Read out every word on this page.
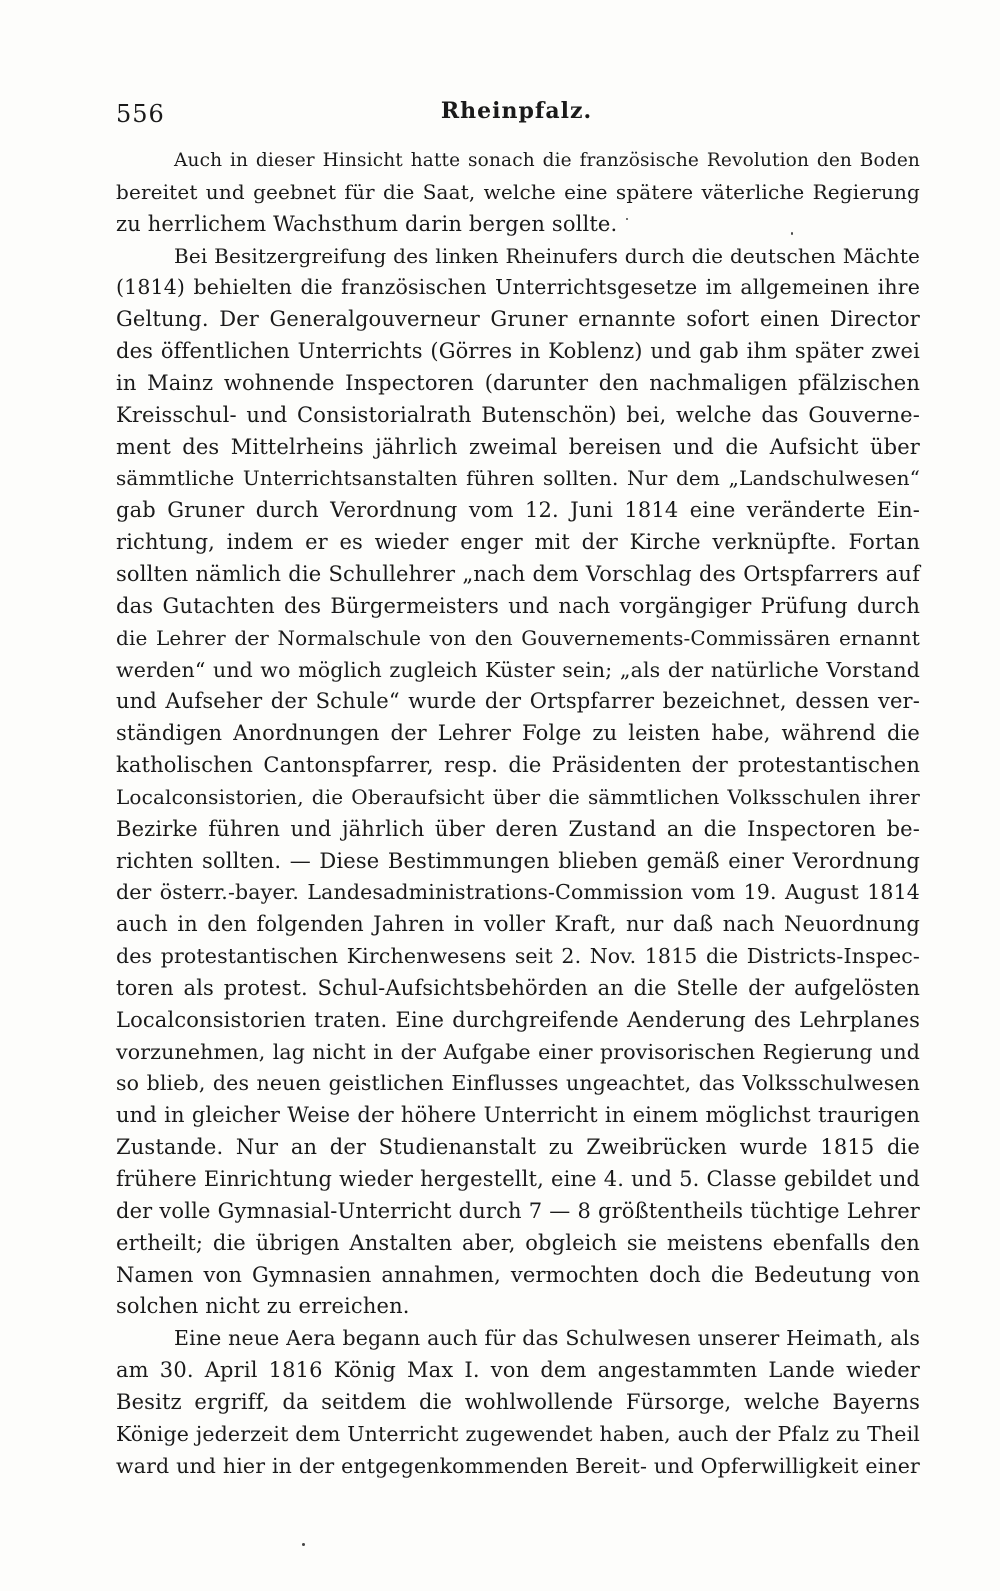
556	Rheinpfalz.
Auch in dieser Hinsicht hatte sonach die französische Revolution den Boden
bereitet und geebnet für die Saat, welche eine spätere väterliche Regierung
zu herrlichem Wachsthum darin bergen sollte.
Bei Besitzergreifung des linken Rheinufers durch die deutschen Mächte
(1814) behielten die französischen Unterrichtsgesetze im allgemeinen ihre
Geltung. Der Generalgouverneur Gruner ernannte sofort einen Director
des öffentlichen Unterrichts (Görres in Koblenz) und gab ihm später zwei
in Mainz wohnende Inspectoren (darunter den nachmaligen pfälzischen
Kreisschul- und Consistorialrath Butenschön) bei, welche das Gouverne-
ment des Mittelrheins jährlich zweimal bereisen und die Aufsicht über
sämmtliche Unterrichtsanstalten führen sollten. Nur dem „Landschulwesen“
gab Gruner durch Verordnung vom 12. Juni 1814 eine veränderte Ein-
richtung, indem er es wieder enger mit der Kirche verknüpfte. Fortan
sollten nämlich die Schullehrer „nach dem Vorschlag des Ortspfarrers auf
das Gutachten des Bürgermeisters und nach vorgängiger Prüfung durch
die Lehrer der Normalschule von den Gouvernements-Commissären ernannt
werden“ und wo möglich zugleich Küster sein; „als der natürliche Vorstand
und Aufseher der Schule“ wurde der Ortspfarrer bezeichnet, dessen ver-
ständigen Anordnungen der Lehrer Folge zu leisten habe, während die
katholischen Cantonspfarrer, resp. die Präsidenten der protestantischen
Localconsistorien, die Oberaufsicht über die sämmtlichen Volksschulen ihrer
Bezirke führen und jährlich über deren Zustand an die Inspectoren be-
richten sollten. — Diese Bestimmungen blieben gemäß einer Verordnung
der österr.-bayer. Landesadministrations-Commission vom 19. August 1814
auch in den folgenden Jahren in voller Kraft, nur daß nach Neuordnung
des protestantischen Kirchenwesens seit 2. Nov. 1815 die Districts-Inspec-
toren als protest. Schul-Aufsichtsbehörden an die Stelle der aufgelösten
Localconsistorien traten. Eine durchgreifende Aenderung des Lehrplanes
vorzunehmen, lag nicht in der Aufgabe einer provisorischen Regierung und
so blieb, des neuen geistlichen Einflusses ungeachtet, das Volksschulwesen
und in gleicher Weise der höhere Unterricht in einem möglichst traurigen
Zustande. Nur an der Studienanstalt zu Zweibrücken wurde 1815 die
frühere Einrichtung wieder hergestellt, eine 4. und 5. Classe gebildet und
der volle Gymnasial-Unterricht durch 7 — 8 größtentheils tüchtige Lehrer
ertheilt; die übrigen Anstalten aber, obgleich sie meistens ebenfalls den
Namen von Gymnasien annahmen, vermochten doch die Bedeutung von
solchen nicht zu erreichen.
Eine neue Aera begann auch für das Schulwesen unserer Heimath, als
am 30. April 1816 König Max I. von dem angestammten Lande wieder
Besitz ergriff, da seitdem die wohlwollende Fürsorge, welche Bayerns
Könige jederzeit dem Unterricht zugewendet haben, auch der Pfalz zu Theil
ward und hier in der entgegenkommenden Bereit- und Opferwilligkeit einer
